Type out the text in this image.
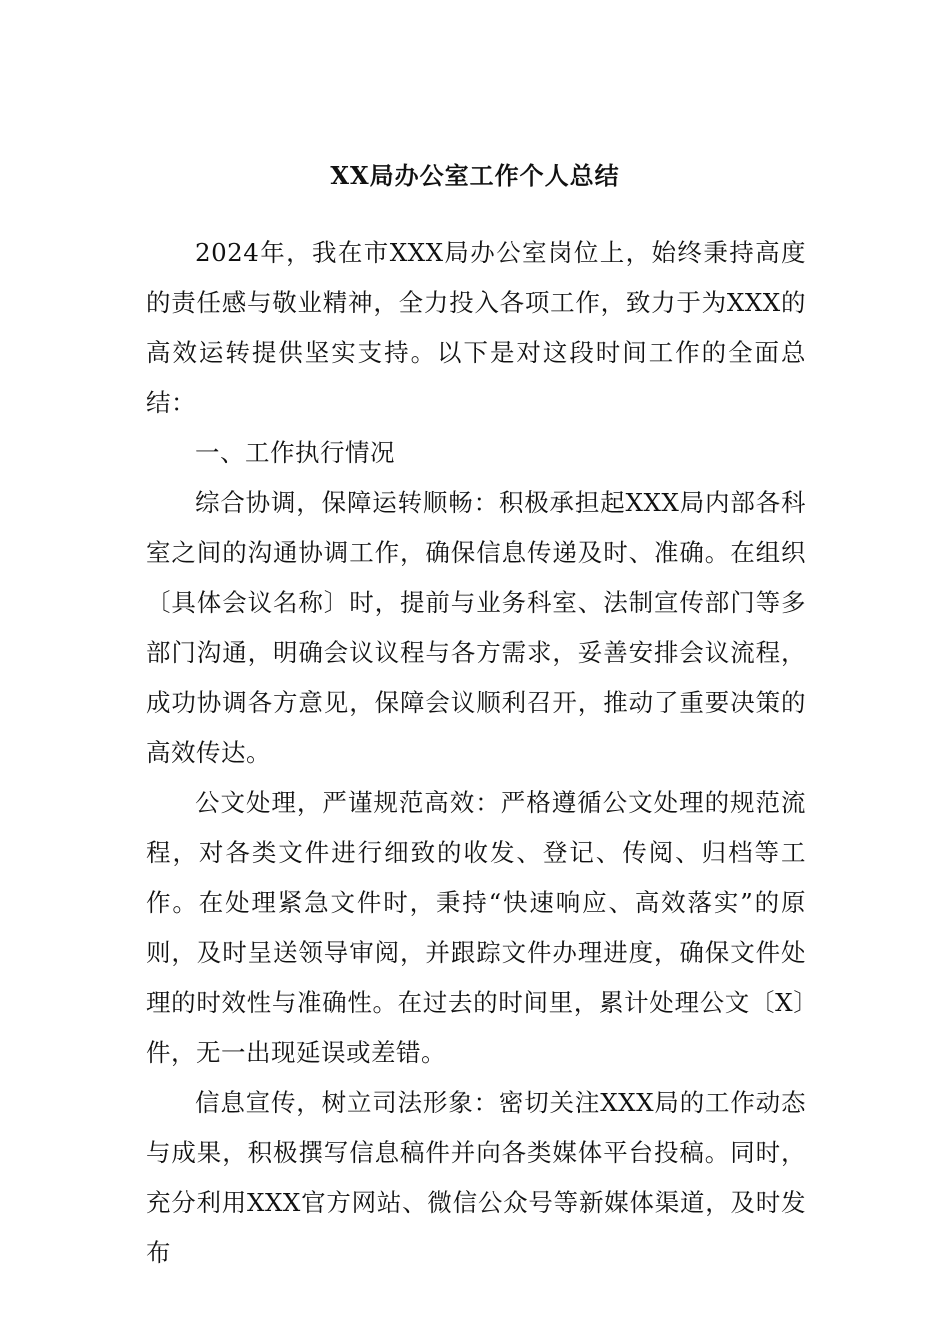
XX局办公室工作个人总结

2024年，我在市XXX局办公室岗位上，始终秉持高度的责任感与敬业精神，全力投入各项工作，致力于为XXX的高效运转提供坚实支持。以下是对这段时间工作的全面总结：

一、工作执行情况

综合协调，保障运转顺畅：积极承担起XXX局内部各科室之间的沟通协调工作，确保信息传递及时、准确。在组织〔具体会议名称〕时，提前与业务科室、法制宣传部门等多部门沟通，明确会议议程与各方需求，妥善安排会议流程，成功协调各方意见，保障会议顺利召开，推动了重要决策的高效传达。

公文处理，严谨规范高效：严格遵循公文处理的规范流程，对各类文件进行细致的收发、登记、传阅、归档等工作。在处理紧急文件时，秉持“快速响应、高效落实”的原则，及时呈送领导审阅，并跟踪文件办理进度，确保文件处理的时效性与准确性。在过去的时间里，累计处理公文〔X〕件，无一出现延误或差错。

信息宣传，树立司法形象：密切关注XXX局的工作动态与成果，积极撰写信息稿件并向各类媒体平台投稿。同时，充分利用XXX官方网站、微信公众号等新媒体渠道，及时发布
